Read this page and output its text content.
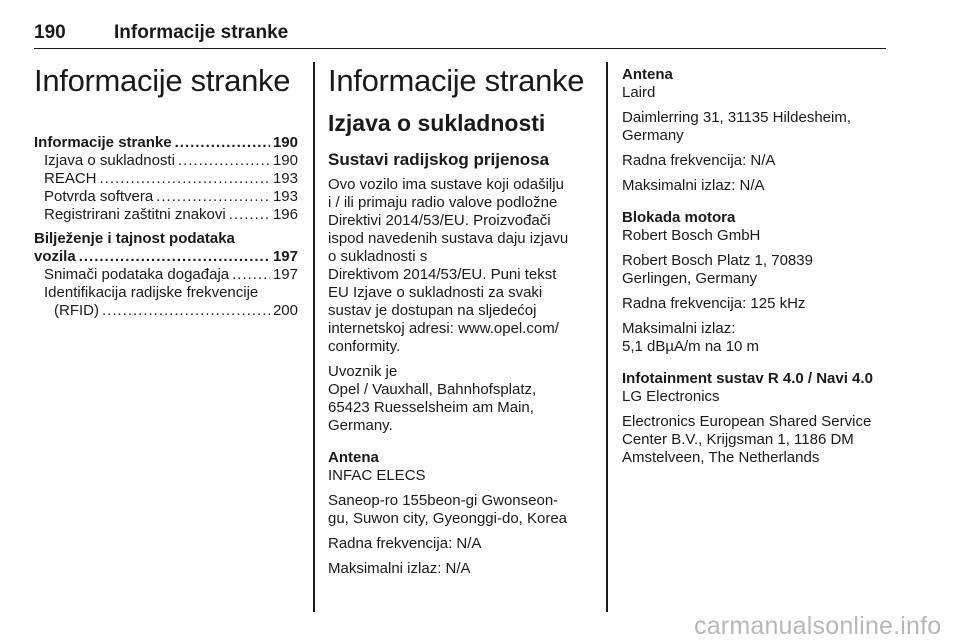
190	Informacije stranke
Informacije stranke
Informacije stranke .....	190
Izjava o sukladnosti .....	190
REACH .....	193
Potvrda softvera .....	193
Registrirani zaštitni znakovi .....	196
Bilježenje i tajnost podataka
vozila .....	197
Snimači podataka događaja .....	197
Identifikacija radijske frekvencije
(RFID) .....	200
Informacije stranke
Izjava o sukladnosti
Sustavi radijskog prijenosa

Ovo vozilo ima sustave koji odašilju

i / ili primaju radio valove podložne

Direktivi 2014/53/EU. Proizvođači

ispod navedenih sustava daju izjavu

o sukladnosti s

Direktivom 2014/53/EU. Puni tekst

EU Izjave o sukladnosti za svaki

sustav je dostupan na sljedećoj

internetskoj adresi: www.opel.com/

conformity.

Uvoznik je

Opel / Vauxhall, Bahnhofsplatz,

65423 Ruesselsheim am Main,

Germany.

Antena

INFAC ELECS

Saneop-ro 155beon-gi Gwonseon-

gu, Suwon city, Gyeonggi-do, Korea

Radna frekvencija: N/A

Maksimalni izlaz: N/A

Antena

Laird

Daimlerring 31, 31135 Hildesheim,

Germany

Radna frekvencija: N/A

Maksimalni izlaz: N/A

Blokada motora

Robert Bosch GmbH

Robert Bosch Platz 1, 70839

Gerlingen, Germany

Radna frekvencija: 125 kHz

Maksimalni izlaz:

5,1 dBµA/m na 10 m

Infotainment sustav R 4.0 / Navi 4.0

LG Electronics

Electronics European Shared Service

Center B.V., Krijgsman 1, 1186 DM

Amstelveen, The Netherlands

carmanualsonline.info
